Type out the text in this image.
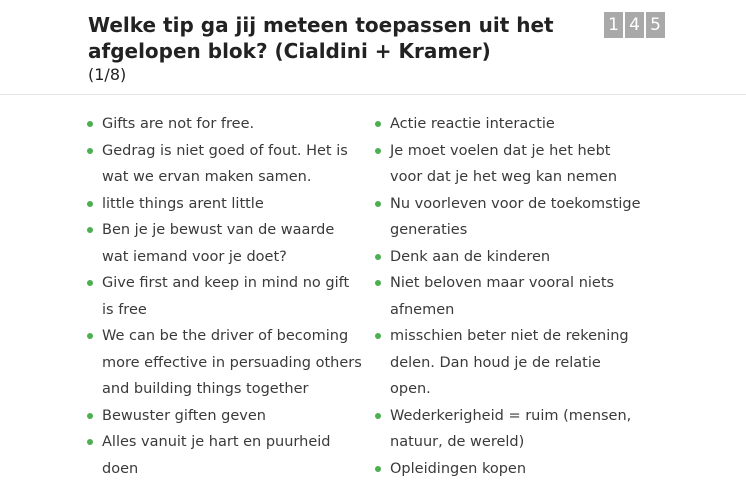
Welke tip ga jij meteen toepassen uit het afgelopen blok? (Cialdini + Kramer)
(1/8)
1 4 5
Gifts are not for free.
Gedrag is niet goed of fout. Het is wat we ervan maken samen.
little things arent little
Ben je je bewust van de waarde wat iemand voor je doet?
Give first and keep in mind no gift is free
We can be the driver of becoming more effective in persuading others and building things together
Bewuster giften geven
Alles vanuit je hart en puurheid doen
Actie reactie interactie
Je moet voelen dat je het hebt voor dat je het weg kan nemen
Nu voorleven voor de toekomstige generaties
Denk aan de kinderen
Niet beloven maar vooral niets afnemen
misschien beter niet de rekening delen. Dan houd je de relatie open.
Wederkerigheid = ruim (mensen, natuur, de wereld)
Opleidingen kopen
